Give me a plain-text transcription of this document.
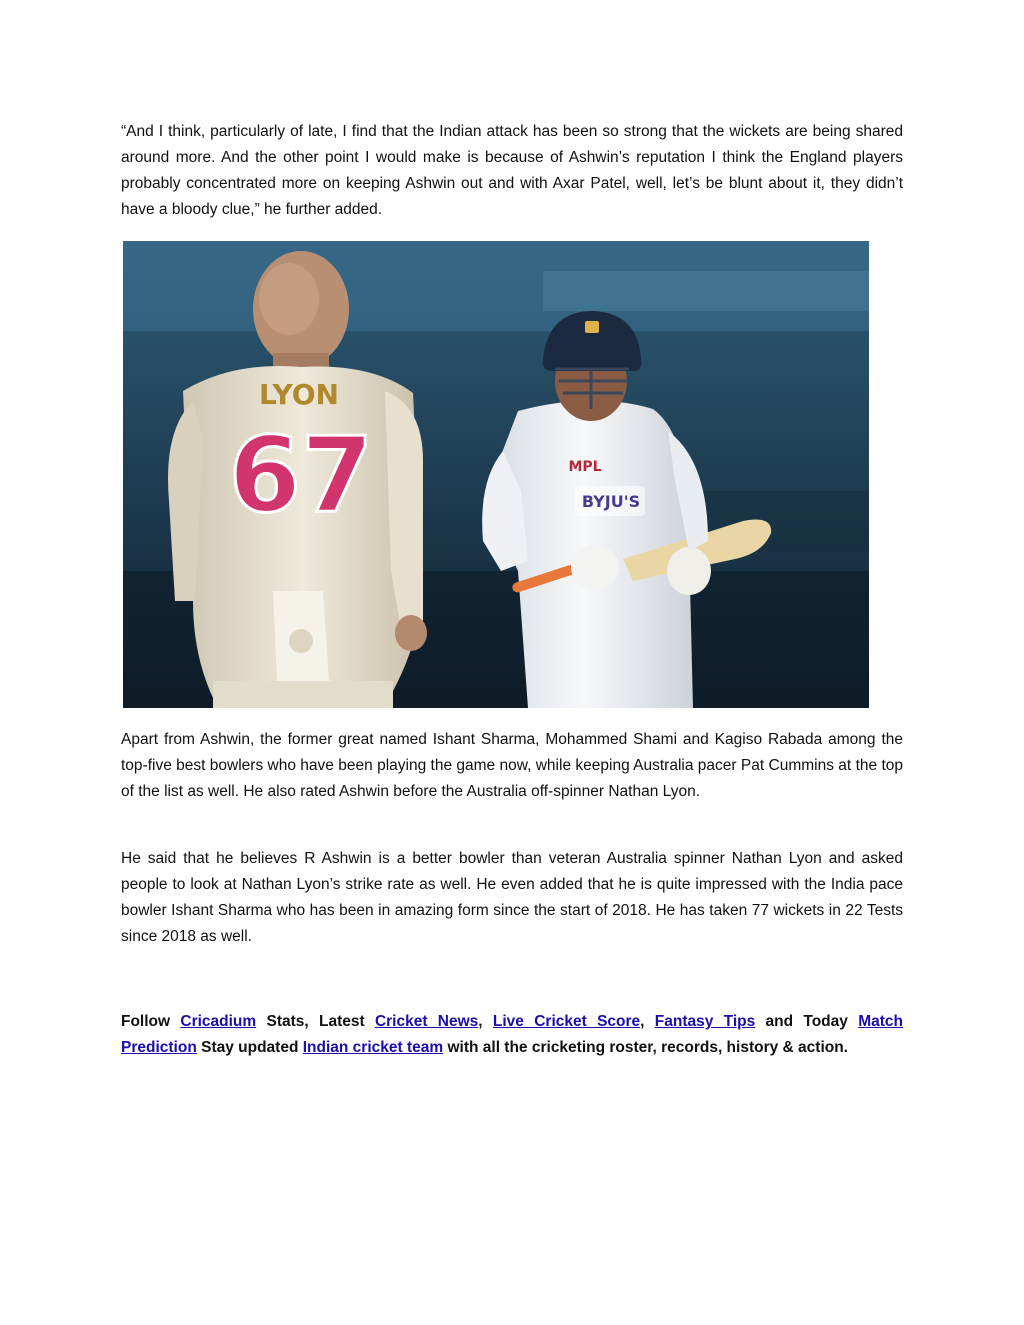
“And I think, particularly of late, I find that the Indian attack has been so strong that the wickets are being shared around more. And the other point I would make is because of Ashwin’s reputation I think the England players probably concentrated more on keeping Ashwin out and with Axar Patel, well, let’s be blunt about it, they didn’t have a bloody clue,” he further added.

LYON
67	MPL
BYJU'S

Apart from Ashwin, the former great named Ishant Sharma, Mohammed Shami and Kagiso Rabada among the top-five best bowlers who have been playing the game now, while keeping Australia pacer Pat Cummins at the top of the list as well. He also rated Ashwin before the Australia off-spinner Nathan Lyon.

He said that he believes R Ashwin is a better bowler than veteran Australia spinner Nathan Lyon and asked people to look at Nathan Lyon’s strike rate as well. He even added that he is quite impressed with the India pace bowler Ishant Sharma who has been in amazing form since the start of 2018. He has taken 77 wickets in 22 Tests since 2018 as well.

Follow Cricadium Stats, Latest Cricket News, Live Cricket Score, Fantasy Tips and Today Match Prediction Stay updated Indian cricket team with all the cricketing roster, records, history & action.
